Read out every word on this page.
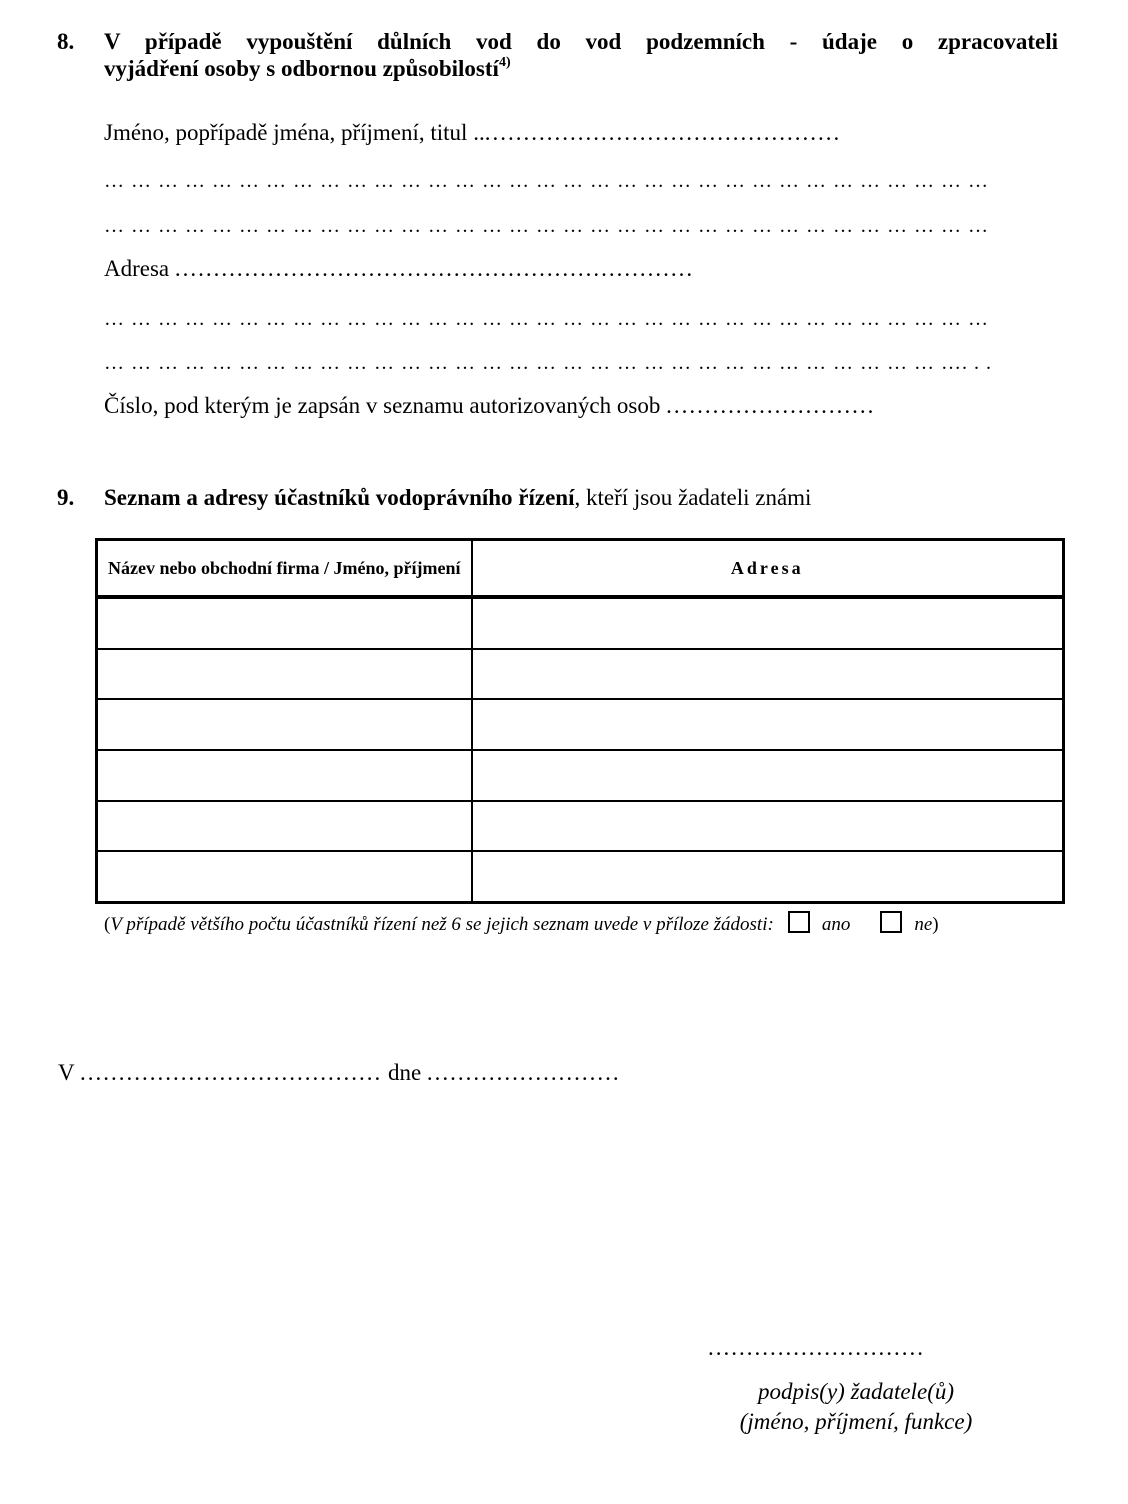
8. V případě vypouštění důlních vod do vod podzemních - údaje o zpracovateli
vyjádření osoby s odbornou způsobilostí$^{4)}$
Jméno, popřípadě jména, příjmení, titul ................................................
… … … … … … … … … … … … … … … … … … … … … … … … … … … … … … … … …
… … … … … … … … … … … … … … … … … … … … … … … … … … … … … … … … …
Adresa ...................................................................
… … … … … … … … … … … … … … … … … … … … … … … … … … … … … … … … …
… … … … … … … … … … … … … … … … … … … … … … … … … … … … … … … …. . .
Číslo, pod kterým je zapsán v seznamu autorizovaných osob ...........................
9. Seznam a adresy účastníků vodoprávního řízení, kteří jsou žadateli známi
Název nebo obchodní firma / Jméno, příjmení	Adresa

(V případě většího počtu účastníků řízení než 6 se jejich seznam uvede v příloze žádosti:	ano	ne)
V ....................................... dne .........................
............................
podpis(y) žadatele(ů)
(jméno, příjmení, funkce)
